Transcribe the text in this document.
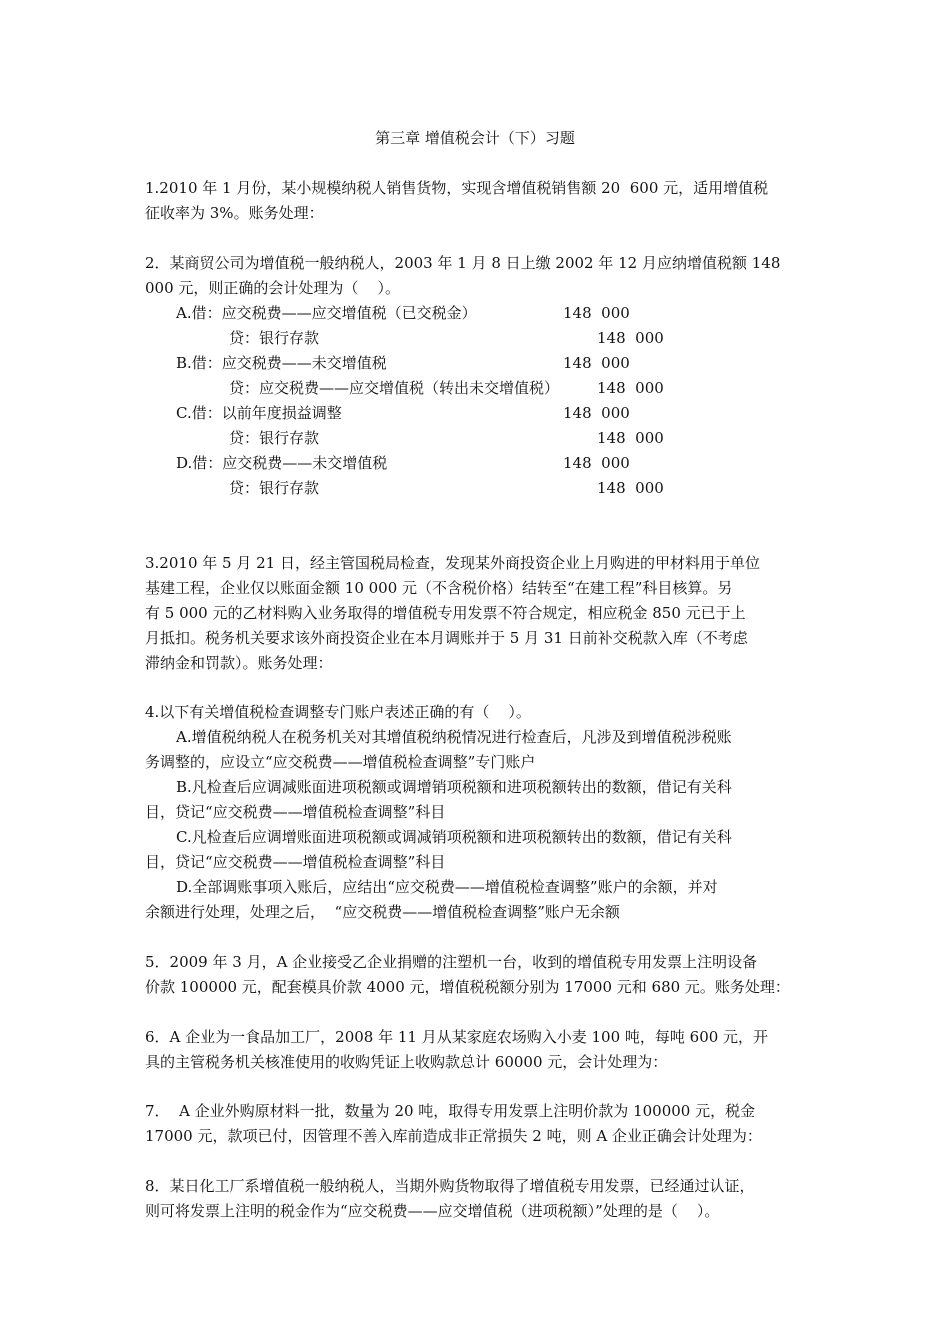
第三章 增值税会计（下）习题
1.2010 年 1 月份，某小规模纳税人销售货物，实现含增值税销售额 20  600 元，适用增值税
征收率为 3%。账务处理：
2．某商贸公司为增值税一般纳税人，2003 年 1 月 8 日上缴 2002 年 12 月应纳增值税额 148
000 元，则正确的会计处理为（    ）。
A.借：应交税费——应交增值税（已交税金）	148  000
贷：银行存款	148  000
B.借：应交税费——未交增值税	148  000
贷：应交税费——应交增值税（转出未交增值税）	148  000
C.借：以前年度损益调整	148  000
贷：银行存款	148  000
D.借：应交税费——未交增值税	148  000
贷：银行存款	148  000
3.2010 年 5 月 21 日，经主管国税局检查，发现某外商投资企业上月购进的甲材料用于单位
基建工程，企业仅以账面金额 10 000 元（不含税价格）结转至“在建工程”科目核算。另
有 5 000 元的乙材料购入业务取得的增值税专用发票不符合规定，相应税金 850 元已于上
月抵扣。税务机关要求该外商投资企业在本月调账并于 5 月 31 日前补交税款入库（不考虑
滞纳金和罚款）。账务处理：
4.以下有关增值税检查调整专门账户表述正确的有（    ）。
A.增值税纳税人在税务机关对其增值税纳税情况进行检查后，凡涉及到增值税涉税账
务调整的，应设立“应交税费——增值税检查调整”专门账户
B.凡检查后应调减账面进项税额或调增销项税额和进项税额转出的数额，借记有关科
目，贷记“应交税费——增值税检查调整”科目
C.凡检查后应调增账面进项税额或调减销项税额和进项税额转出的数额，借记有关科
目，贷记“应交税费——增值税检查调整”科目
D.全部调账事项入账后，应结出“应交税费——增值税检查调整”账户的余额，并对
余额进行处理，处理之后，  “应交税费——增值税检查调整”账户无余额
5．2009 年 3 月，A 企业接受乙企业捐赠的注塑机一台，收到的增值税专用发票上注明设备
价款 100000 元，配套模具价款 4000 元，增值税税额分别为 17000 元和 680 元。账务处理：
6．A 企业为一食品加工厂，2008 年 11 月从某家庭农场购入小麦 100 吨，每吨 600 元，开
具的主管税务机关核准使用的收购凭证上收购款总计 60000 元，会计处理为：
7．  A 企业外购原材料一批，数量为 20 吨，取得专用发票上注明价款为 100000 元，税金
17000 元，款项已付，因管理不善入库前造成非正常损失 2 吨，则 A 企业正确会计处理为：
8．某日化工厂系增值税一般纳税人，当期外购货物取得了增值税专用发票，已经通过认证，
则可将发票上注明的税金作为“应交税费——应交增值税（进项税额）”处理的是（    ）。
